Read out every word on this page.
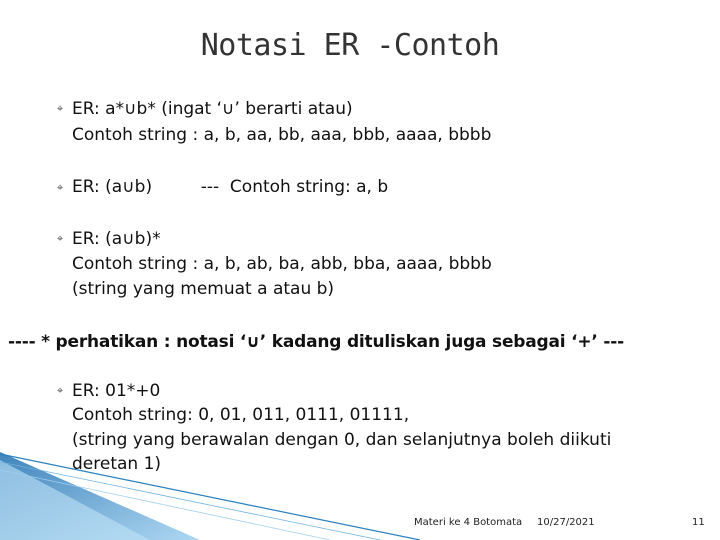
Notasi ER -Contoh
⌖ ER: a*∪b* (ingat ‘∪’ berarti atau)
Contoh string : a, b, aa, bb, aaa, bbb, aaaa, bbbb
⌖ ER: (a∪b)         ---  Contoh string: a, b
⌖ ER: (a∪b)*
Contoh string : a, b, ab, ba, abb, bba, aaaa, bbbb
(string yang memuat a atau b)
---- * perhatikan : notasi ‘∪’ kadang dituliskan juga sebagai ‘+’ ---
⌖ ER: 01*+0
Contoh string: 0, 01, 011, 0111, 01111,
(string yang berawalan dengan 0, dan selanjutnya boleh diikuti
deretan 1)
Materi ke 4 Botomata 10/27/2021	11
